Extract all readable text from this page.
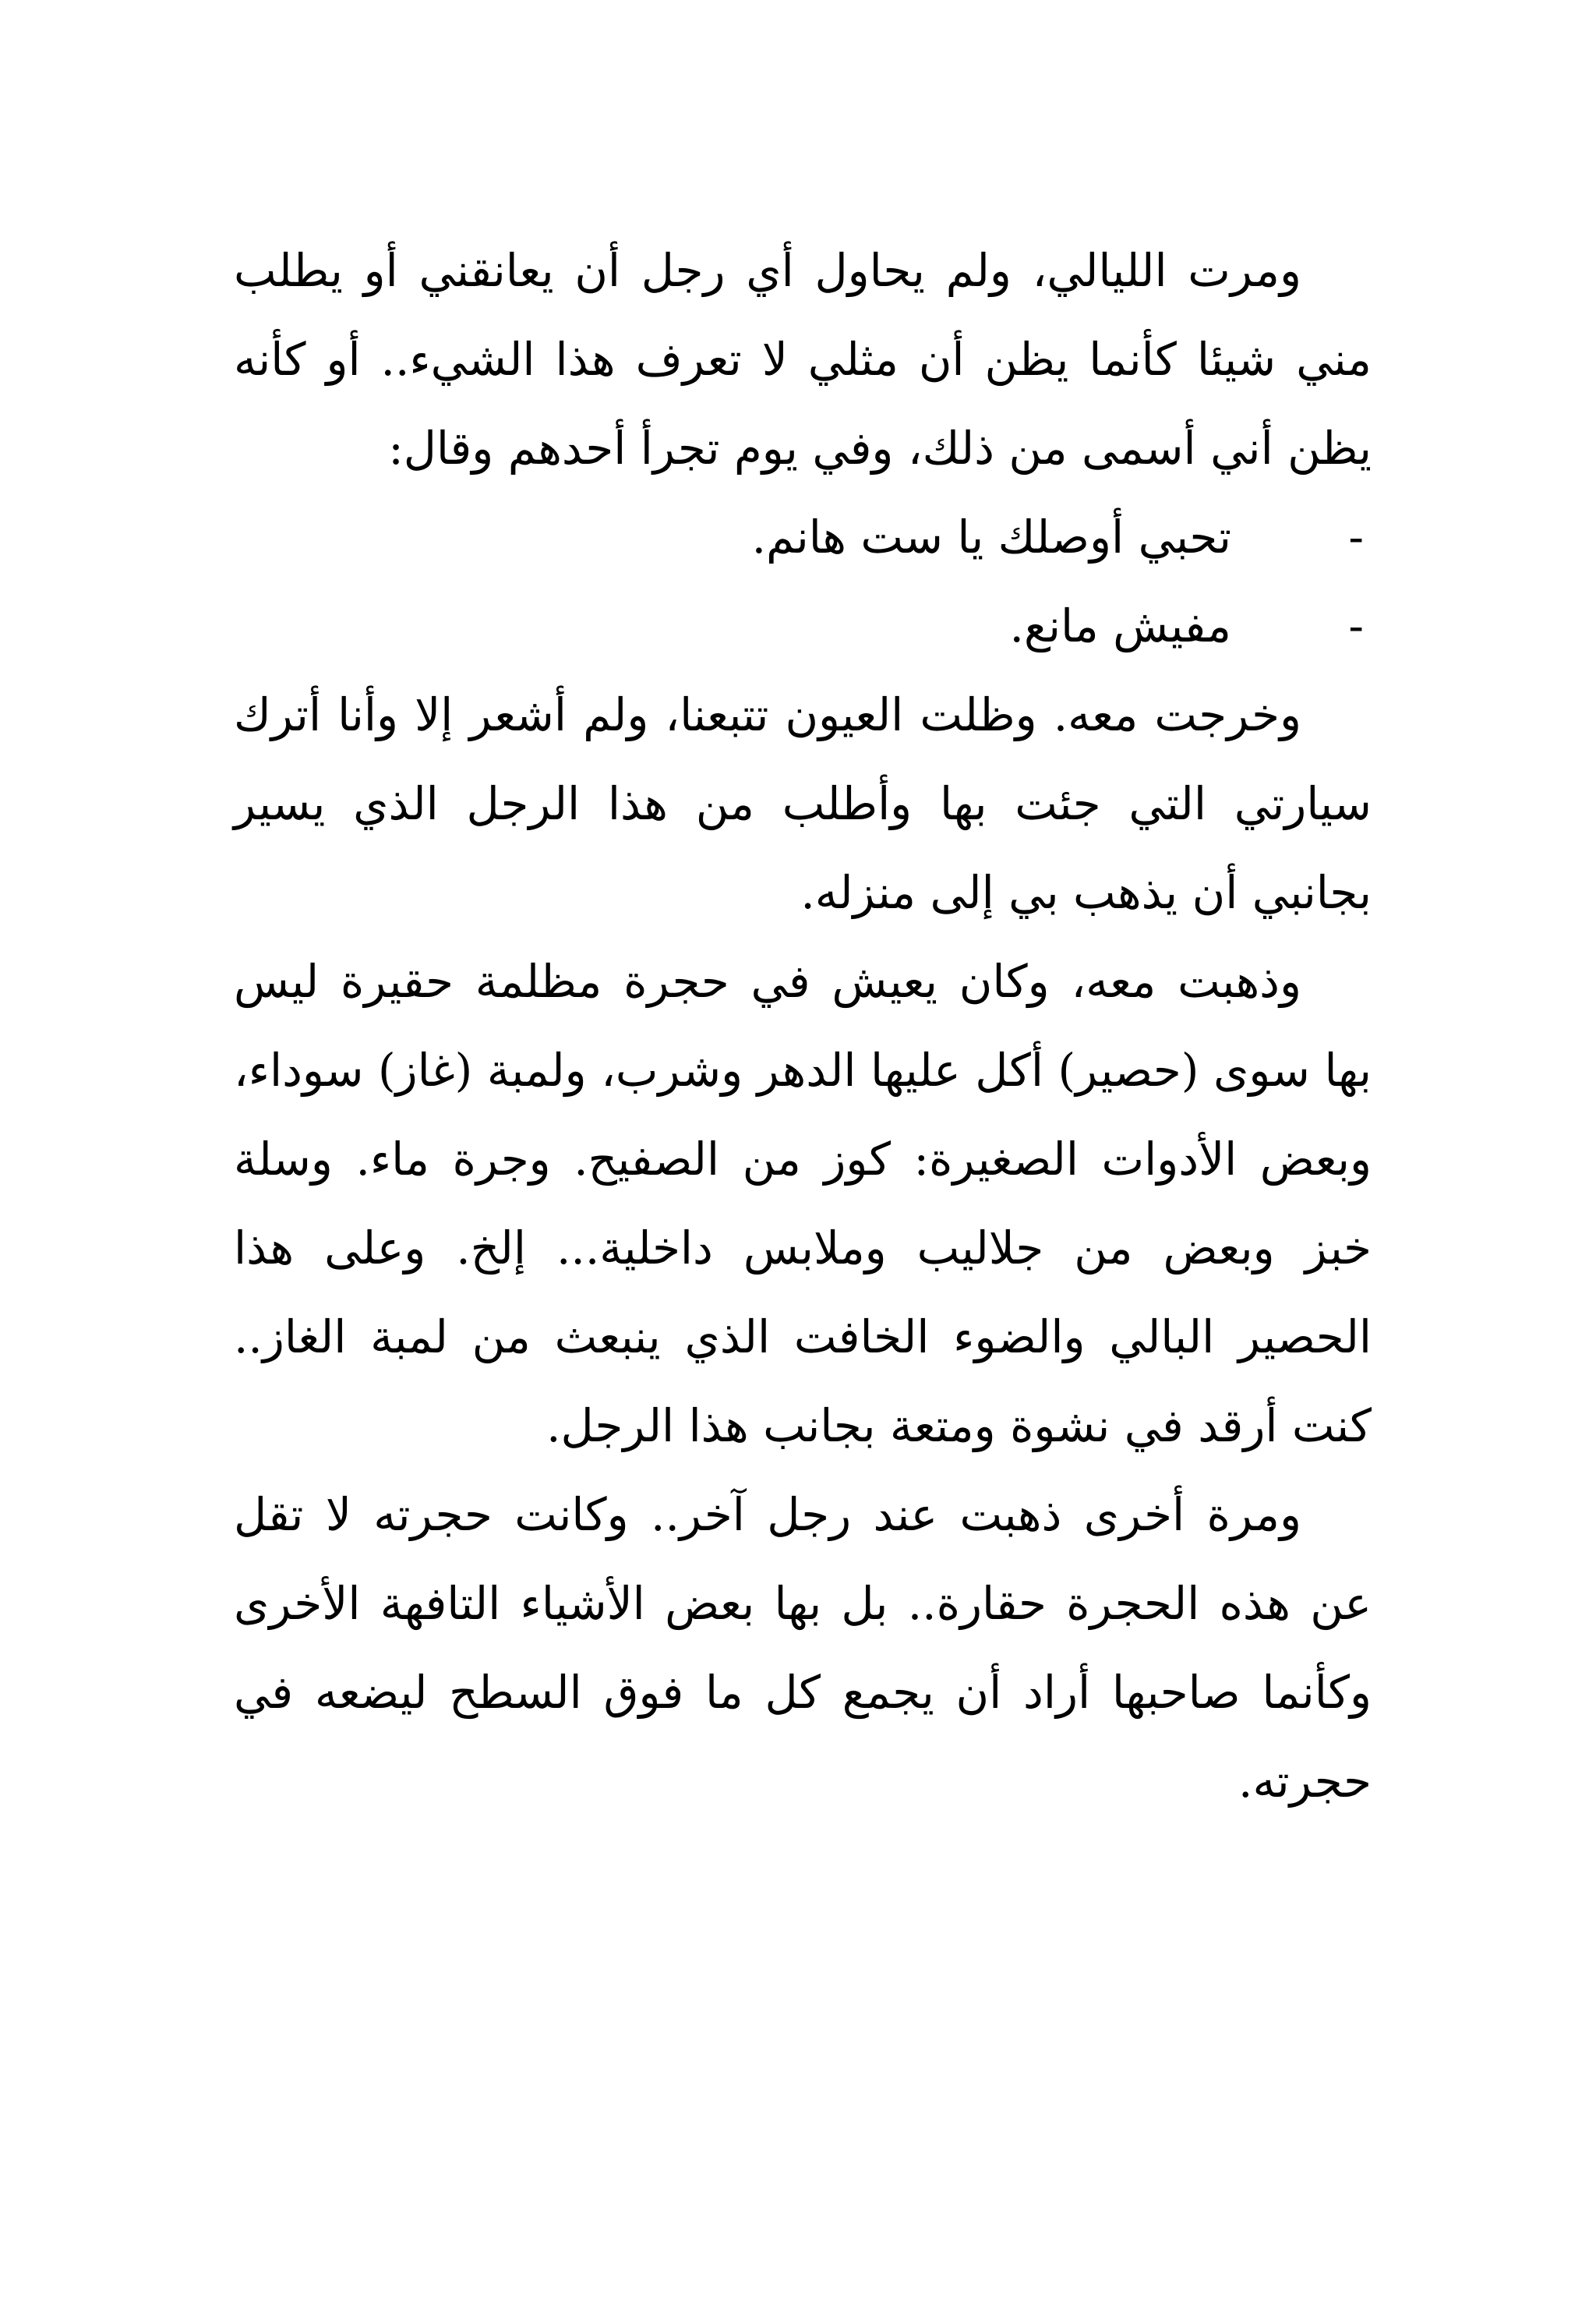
ومرت الليالي، ولم يحاول أي رجل أن يعانقني أو يطلب مني شيئا كأنما يظن أن مثلي لا تعرف هذا الشيء.. أو كأنه يظن أني أسمى من ذلك، وفي يوم تجرأ أحدهم وقال:

-
تحبي أوصلك يا ست هانم.
-
مفيش مانع.

وخرجت معه. وظلت العيون تتبعنا، ولم أشعر إلا وأنا أترك سيارتي التي جئت بها وأطلب من هذا الرجل الذي يسير بجانبي أن يذهب بي إلى منزله.

وذهبت معه، وكان يعيش في حجرة مظلمة حقيرة ليس بها سوى (حصير) أكل عليها الدهر وشرب، ولمبة (غاز) سوداء، وبعض الأدوات الصغيرة: كوز من الصفيح. وجرة ماء. وسلة خبز وبعض من جلاليب وملابس داخلية... إلخ. وعلى هذا الحصير البالي والضوء الخافت الذي ينبعث من لمبة الغاز.. كنت أرقد في نشوة ومتعة بجانب هذا الرجل.

ومرة أخرى ذهبت عند رجل آخر.. وكانت حجرته لا تقل عن هذه الحجرة حقارة.. بل بها بعض الأشياء التافهة الأخرى وكأنما صاحبها أراد أن يجمع كل ما فوق السطح ليضعه في حجرته.
